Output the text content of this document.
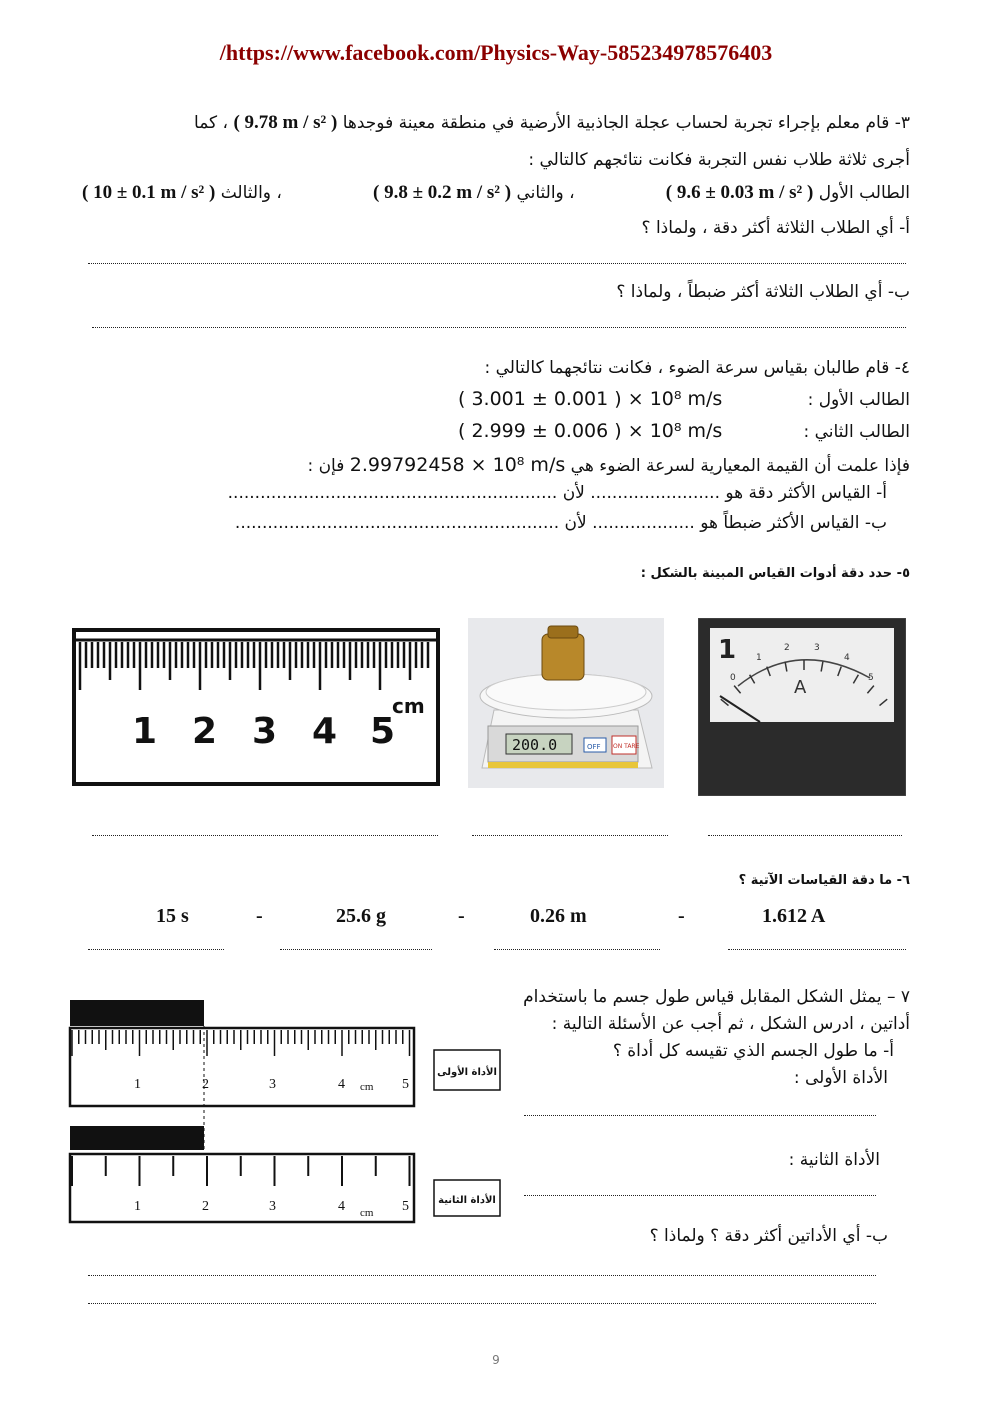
/https://www.facebook.com/Physics-Way-585234978576403
٣- قام معلم بإجراء تجربة لحساب عجلة الجاذبية الأرضية في منطقة معينة فوجدها ( 9.78 m / s² ) ، كما
أجرى ثلاثة طلاب نفس التجربة فكانت نتائجهم كالتالي :
الطالب الأول ( 9.6 ± 0.03 m / s² )
، والثاني ( 9.8 ± 0.2 m / s² )
، والثالث ( 10 ± 0.1 m / s² )
أ- أي الطلاب الثلاثة أكثر دقة ، ولماذا ؟
ب- أي الطلاب الثلاثة أكثر ضبطاً ، ولماذا ؟
٤- قام طالبان بقياس سرعة الضوء ، فكانت نتائجهما كالتالي :
الطالب الأول :
( 3.001 ± 0.001 ) × 10⁸ m/s
الطالب الثاني :
( 2.999 ± 0.006 ) × 10⁸ m/s
فإذا علمت أن القيمة المعيارية لسرعة الضوء هي 2.99792458 × 10⁸ m/s فإن :
أ- القياس الأكثر دقة هو ........................ لأن .............................................................
ب- القياس الأكثر ضبطاً هو ................... لأن ............................................................
٥- حدد دقة أدوات القياس المبينة بالشكل :
1 2 3 4 5
cm
200.0	OFF ON TARE
1
0
1
2	3
4
5
A
٦- ما دقة القياسات الآتية ؟
15 s	-	25.6 g	-	0.26 m	-	1.612 A
٧ – يمثل الشكل المقابل قياس طول جسم ما باستخدام
أداتين ، ادرس الشكل ، ثم أجب عن الأسئلة التالية :
أ- ما طول الجسم الذي تقيسه كل أداة ؟
الأداة الأولى :
الأداة الثانية :
ب- أي الأداتين أكثر دقة ؟ ولماذا ؟
1	2	3	4 cm 5
الأداة الأولى
1	2	3	4 cm 5	الأداة الثانية
9
